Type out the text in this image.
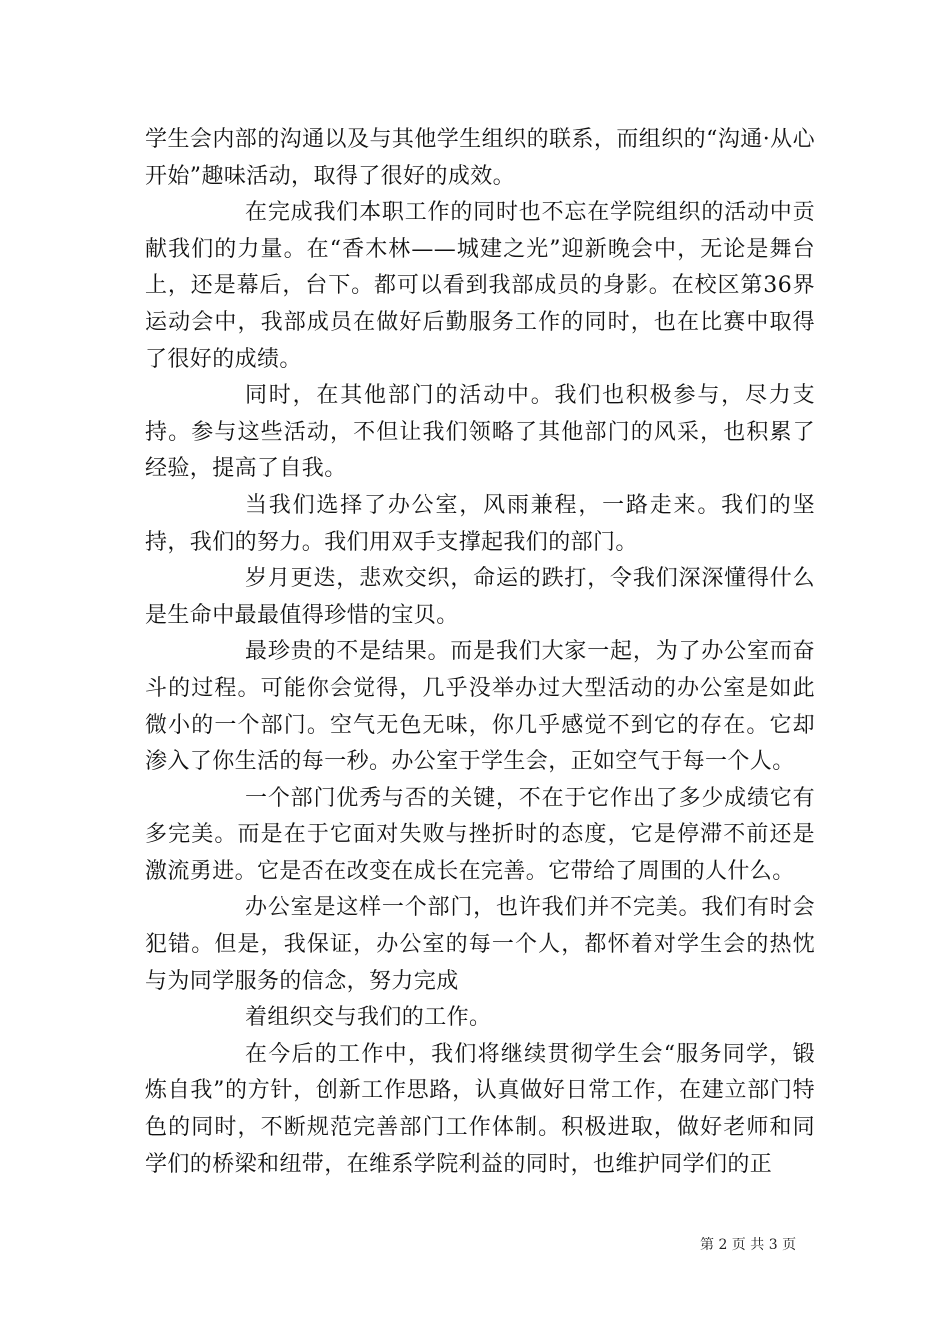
学生会内部的沟通以及与其他学生组织的联系，而组织的“沟通·从心开始”趣味活动，取得了很好的成效。

在完成我们本职工作的同时也不忘在学院组织的活动中贡献我们的力量。在“香木林——城建之光”迎新晚会中，无论是舞台上，还是幕后，台下。都可以看到我部成员的身影。在校区第36界运动会中，我部成员在做好后勤服务工作的同时，也在比赛中取得了很好的成绩。

同时，在其他部门的活动中。我们也积极参与，尽力支持。参与这些活动，不但让我们领略了其他部门的风采，也积累了经验，提高了自我。

当我们选择了办公室，风雨兼程，一路走来。我们的坚持，我们的努力。我们用双手支撑起我们的部门。

岁月更迭，悲欢交织，命运的跌打，令我们深深懂得什么是生命中最最值得珍惜的宝贝。

最珍贵的不是结果。而是我们大家一起，为了办公室而奋斗的过程。可能你会觉得，几乎没举办过大型活动的办公室是如此微小的一个部门。空气无色无味，你几乎感觉不到它的存在。它却渗入了你生活的每一秒。办公室于学生会，正如空气于每一个人。

一个部门优秀与否的关键，不在于它作出了多少成绩它有多完美。而是在于它面对失败与挫折时的态度，它是停滞不前还是激流勇进。它是否在改变在成长在完善。它带给了周围的人什么。

办公室是这样一个部门，也许我们并不完美。我们有时会犯错。但是，我保证，办公室的每一个人，都怀着对学生会的热忱与为同学服务的信念，努力完成

着组织交与我们的工作。

在今后的工作中，我们将继续贯彻学生会“服务同学，锻炼自我”的方针，创新工作思路，认真做好日常工作，在建立部门特色的同时，不断规范完善部门工作体制。积极进取，做好老师和同学们的桥梁和纽带，在维系学院利益的同时，也维护同学们的正

第 2 页 共 3 页
